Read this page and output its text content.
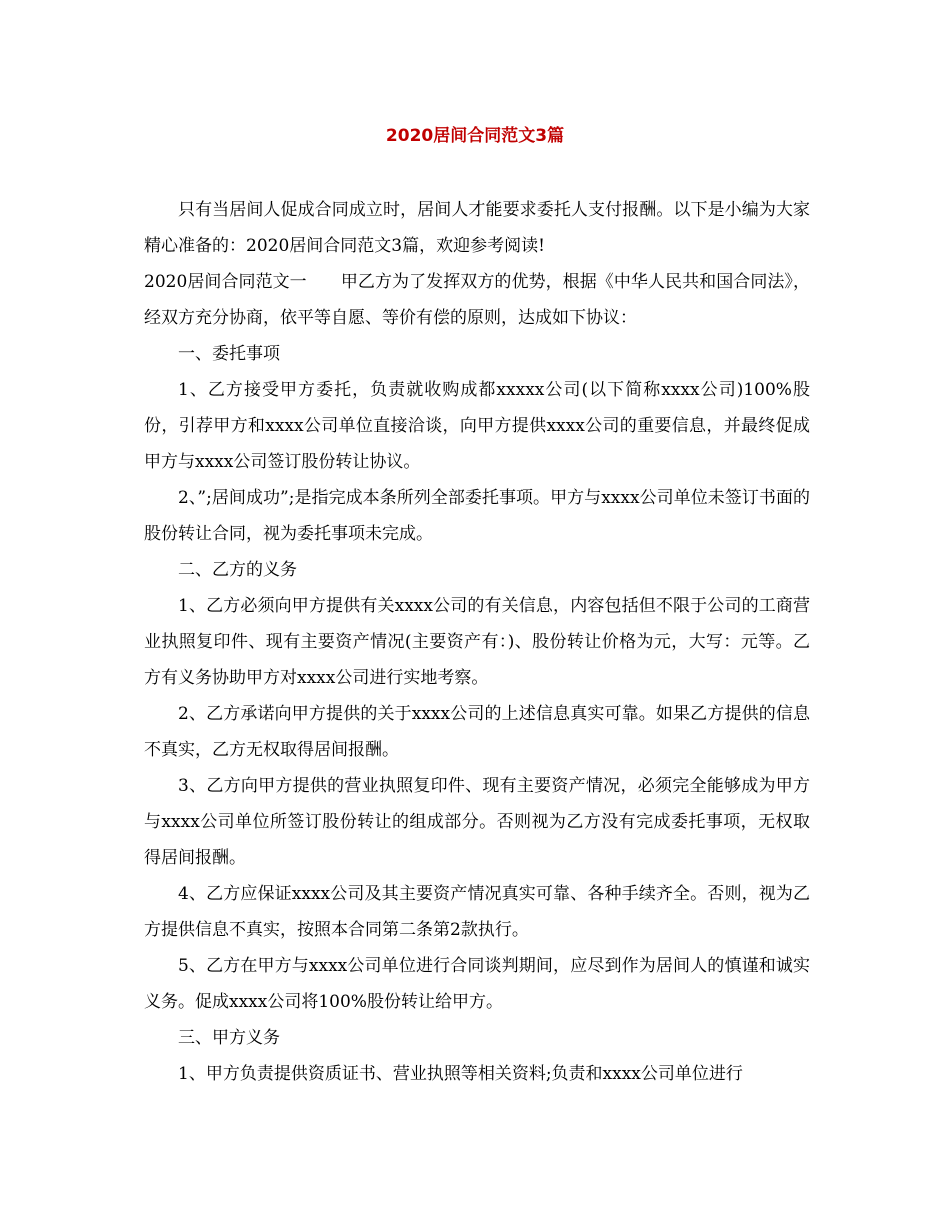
2020居间合同范文3篇

只有当居间人促成合同成立时，居间人才能要求委托人支付报酬。以下是小编为大家精心准备的：2020居间合同范文3篇，欢迎参考阅读!

2020居间合同范文一　　甲乙方为了发挥双方的优势，根据《中华人民共和国合同法》，经双方充分协商，依平等自愿、等价有偿的原则，达成如下协议：

一、委托事项

1、乙方接受甲方委托，负责就收购成都xxxxx公司(以下简称xxxx公司)100%股份，引荐甲方和xxxx公司单位直接洽谈，向甲方提供xxxx公司的重要信息，并最终促成甲方与xxxx公司签订股份转让协议。

2、”;居间成功”;是指完成本条所列全部委托事项。甲方与xxxx公司单位未签订书面的股份转让合同，视为委托事项未完成。

二、乙方的义务

1、乙方必须向甲方提供有关xxxx公司的有关信息，内容包括但不限于公司的工商营业执照复印件、现有主要资产情况(主要资产有：)、股份转让价格为元，大写：元等。乙方有义务协助甲方对xxxx公司进行实地考察。

2、乙方承诺向甲方提供的关于xxxx公司的上述信息真实可靠。如果乙方提供的信息不真实，乙方无权取得居间报酬。

3、乙方向甲方提供的营业执照复印件、现有主要资产情况，必须完全能够成为甲方与xxxx公司单位所签订股份转让的组成部分。否则视为乙方没有完成委托事项，无权取得居间报酬。

4、乙方应保证xxxx公司及其主要资产情况真实可靠、各种手续齐全。否则，视为乙方提供信息不真实，按照本合同第二条第2款执行。

5、乙方在甲方与xxxx公司单位进行合同谈判期间，应尽到作为居间人的慎谨和诚实义务。促成xxxx公司将100%股份转让给甲方。

三、甲方义务

1、甲方负责提供资质证书、营业执照等相关资料;负责和xxxx公司单位进行
